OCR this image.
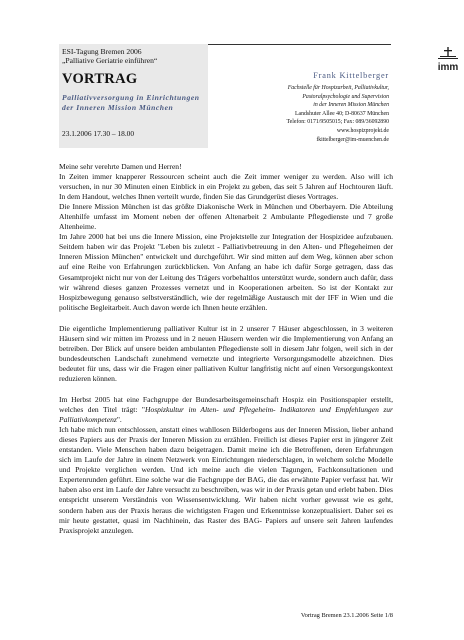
ESI-Tagung Bremen 2006
„Palliative Geriatrie einführen“
VORTRAG
Palliativversorgung in Einrichtungen
der Inneren Mission München
23.1.2006 17.30 – 18.00
imm
Frank Kittelberger
Fachstelle für Hospizarbeit, Palliativkultur,
Pastoralpsychologie und Supervision
in der Inneren Mission München
Landshuter Allee 40; D-80637 München
Telefon: 0171/9505015; Fax: 089/36092890
www.hospizprojekt.de
fkittelberger@im-muenchen.de

Meine sehr verehrte Damen und Herren!

In Zeiten immer knapperer Ressourcen scheint auch die Zeit immer weniger zu werden. Also will ich versuchen, in nur 30 Minuten einen Einblick in ein Projekt zu geben, das seit 5 Jahren auf Hochtouren läuft. In dem Handout, welches Ihnen verteilt wurde, finden Sie das Grundgerüst dieses Vortrages.

Die Innere Mission München ist das größte Diakonische Werk in München und Oberbayern. Die Abteilung Altenhilfe umfasst im Moment neben der offenen Altenarbeit 2 Ambulante Pflegedienste und 7 große Altenheime.

Im Jahre 2000 hat bei uns die Innere Mission, eine Projektstelle zur Integration der Hospizidee aufzubauen. Seitdem haben wir das Projekt "Leben bis zuletzt - Palliativbetreuung in den Alten- und Pflegeheimen der Inneren Mission München" entwickelt und durchgeführt. Wir sind mitten auf dem Weg, können aber schon auf eine Reihe von Erfahrungen zurückblicken. Von Anfang an habe ich dafür Sorge getragen, dass das Gesamtprojekt nicht nur von der Leitung des Trägers vorbehaltlos unterstützt wurde, sondern auch dafür, dass wir während dieses ganzen Prozesses vernetzt und in Kooperationen arbeiten. So ist der Kontakt zur Hospizbewegung genauso selbstverständlich, wie der regelmäßige Austausch mit der IFF in Wien und die politische Begleitarbeit. Auch davon werde ich Ihnen heute erzählen.

Die eigentliche Implementierung palliativer Kultur ist in 2 unserer 7 Häuser abgeschlossen, in 3 weiteren Häusern sind wir mitten im Prozess und in 2 neuen Häusern werden wir die Implementierung von Anfang an betreiben. Der Blick auf unsere beiden ambulanten Pflegedienste soll in diesem Jahr folgen, weil sich in der bundesdeutschen Landschaft zunehmend vernetzte und integrierte Versorgungsmodelle abzeichnen. Dies bedeutet für uns, dass wir die Fragen einer palliativen Kultur langfristig nicht auf einen Versorgungskontext reduzieren können.

Im Herbst 2005 hat eine Fachgruppe der Bundesarbeitsgemeinschaft Hospiz ein Positionspapier erstellt, welches den Titel trägt: "Hospizkultur im Alten- und Pflegeheim- Indikatoren und Empfehlungen zur Palliativkompetenz".

Ich habe mich nun entschlossen, anstatt eines wahllosen Bilderbogens aus der Inneren Mission, lieber anhand dieses Papiers aus der Praxis der Inneren Mission zu erzählen. Freilich ist dieses Papier erst in jüngerer Zeit entstanden. Viele Menschen haben dazu beigetragen. Damit meine ich die Betroffenen, deren Erfahrungen sich im Laufe der Jahre in einem Netzwerk von Einrichtungen niederschlagen, in welchem solche Modelle und Projekte verglichen werden. Und ich meine auch die vielen Tagungen, Fachkonsultationen und Expertenrunden geführt. Eine solche war die Fachgruppe der BAG, die das erwähnte Papier verfasst hat. Wir haben also erst im Laufe der Jahre versucht zu beschreiben, was wir in der Praxis getan und erlebt haben. Dies entspricht unserem Verständnis von Wissensentwicklung. Wir haben nicht vorher gewusst wie es geht, sondern haben aus der Praxis heraus die wichtigsten Fragen und Erkenntnisse konzeptualisiert. Daher sei es mir heute gestattet, quasi im Nachhinein, das Raster des BAG- Papiers auf unsere seit Jahren laufendes Praxisprojekt anzulegen.

Vortrag Bremen 23.1.2006 Seite 1/8
